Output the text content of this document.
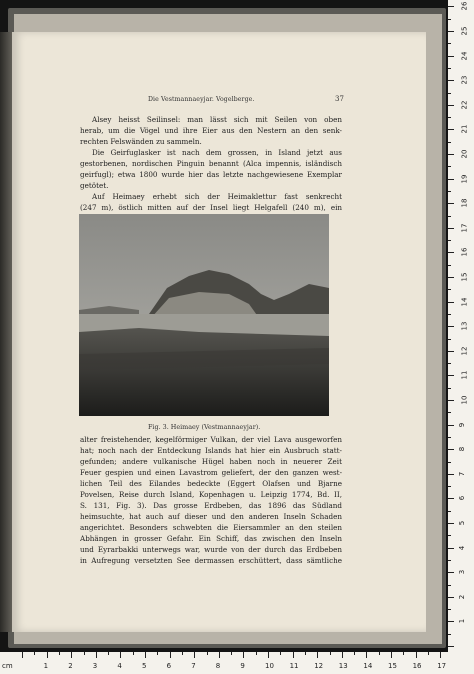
Die Vestmannaeyjar. Vogelberge.	37
Alsey heisst Seilinsel: man lässt sich mit Seilen von oben
herab, um die Vögel und ihre Eier aus den Nestern an den senk-
rechten Felswänden zu sammeln.
Die Geirfuglasker ist nach dem grossen, in Island jetzt aus
gestorbenen, nordischen Pinguin benannt (Alca impennis, isländisch
geirfugl); etwa 1800 wurde hier das letzte nachgewiesene Exemplar
getötet.
Auf Heimaey erhebt sich der Heimaklettur fast senkrecht
(247 m), östlich mitten auf der Insel liegt Helgafell (240 m), ein
Fig. 3. Heimaey (Vestmannaeyjar).
alter freistehender, kegelförmiger Vulkan, der viel Lava ausgeworfen
hat; noch nach der Entdeckung Islands hat hier ein Ausbruch statt-
gefunden; andere vulkanische Hügel haben noch in neuerer Zeit
Feuer gespien und einen Lavastrom geliefert, der den ganzen west-
lichen Teil des Eilandes bedeckte (Eggert Olafsen und Bjarne
Povelsen, Reise durch Island, Kopenhagen u. Leipzig 1774, Bd. II,
S. 131, Fig. 3). Das grosse Erdbeben, das 1896 das Südland
heimsuchte, hat auch auf dieser und den anderen Inseln Schaden
angerichtet. Besonders schwebten die Eiersammler an den steilen
Abhängen in grosser Gefahr. Ein Schiff, das zwischen den Inseln
und Eyrarbakki unterwegs war, wurde von der durch das Erdbeben
in Aufregung versetzten See dermassen erschüttert, dass sämtliche
1
2
3
4
5
6
7
8
9
10
11
12
13
14
15
16
17
18
19
20
21
22
23
24
25
26
cm	1	2	3	4	5	6	7	8	9	10 11 12 13 14 15 16 17
